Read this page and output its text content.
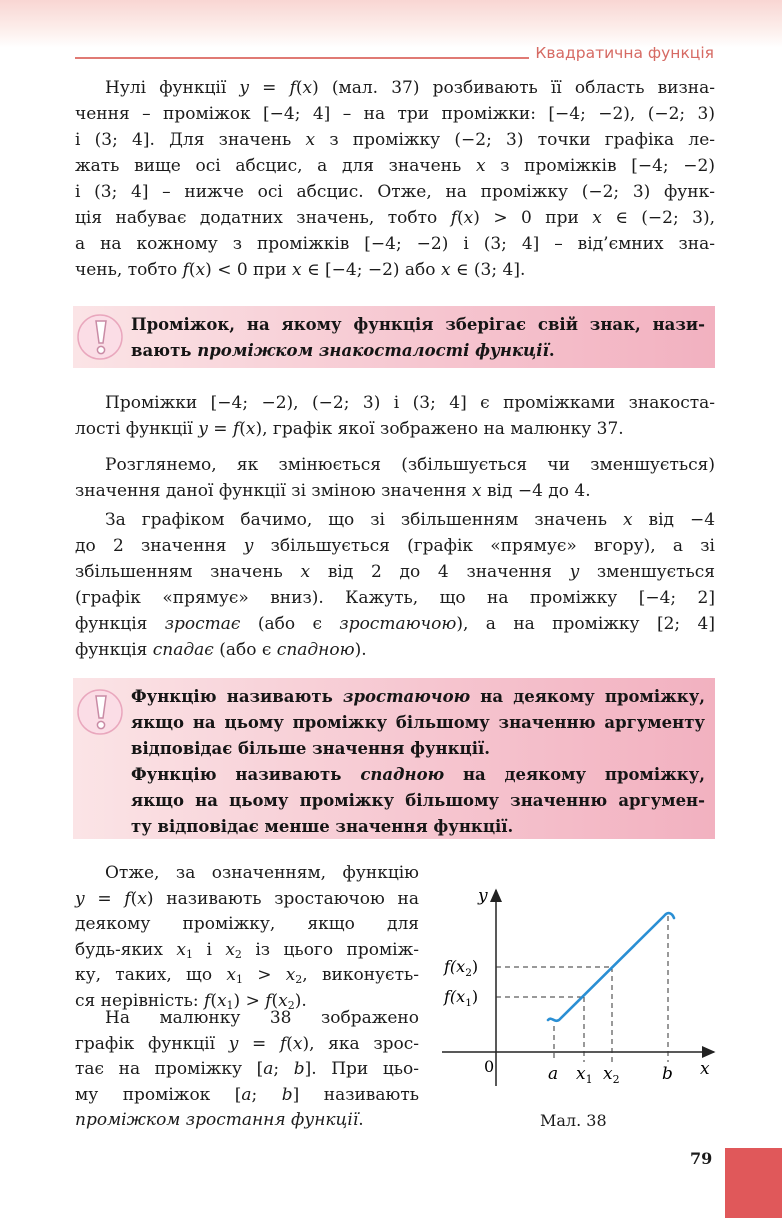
Квадратична функція
Нулі функції y = f(x) (мал. 37) розбивають її область визна-
чення – проміжок [−4; 4] – на три проміжки: [−4; −2), (−2; 3)
і (3; 4]. Для значень x з проміжку (−2; 3) точки графіка ле-
жать вище осі абсцис, а для значень x з проміжків [−4; −2)
і (3; 4] – нижче осі абсцис. Отже, на проміжку (−2; 3) функ-
ція набуває додатних значень, тобто f(x) > 0 при x ∈ (−2; 3),
а на кожному з проміжків [−4; −2) і (3; 4] – від’ємних зна-
чень, тобто f(x) < 0 при x ∈ [−4; −2) або x ∈ (3; 4].
Проміжок, на якому функція зберігає свій знак, нази-
вають проміжком знакосталості функції.
Проміжки [−4; −2), (−2; 3) і (3; 4] є проміжками знакоста-
лості функції y = f(x), графік якої зображено на малюнку 37.
Розглянемо, як змінюється (збільшується чи зменшується)
значення даної функції зі зміною значення x від −4 до 4.
За графіком бачимо, що зі збільшенням значень x від −4
до 2 значення y збільшується (графік «прямує» вгору), а зі
збільшенням значень x від 2 до 4 значення y зменшується
(графік «прямує» вниз). Кажуть, що на проміжку [−4; 2]
функція зростає (або є зростаючою), а на проміжку [2; 4]
функція спадає (або є спадною).
Функцію називають зростаючою на деякому проміжку,
якщо на цьому проміжку більшому значенню аргументу
відповідає більше значення функції.
Функцію називають спадною на деякому проміжку,
якщо на цьому проміжку більшому значенню аргумен-
ту відповідає менше значення функції.
Отже, за означенням, функцію
y = f(x) називають зростаючою на
деякому проміжку, якщо для
будь-яких $x_1$ і $x_2$ із цього проміж-
ку, таких, що $x_1 > x_2$, виконуєть-
ся нерівність: $f(x_1) > f(x_2)$.
На малюнку 38 зображено
графік функції y = f(x), яка зрос-
тає на проміжку [a; b]. При цьо-
му проміжок [a; b] називають
проміжком зростання функції.
y
x
0	a	b
$x_1$ $x_2$
$f(x_2)$
$f(x_1)$
Мал. 38
79
